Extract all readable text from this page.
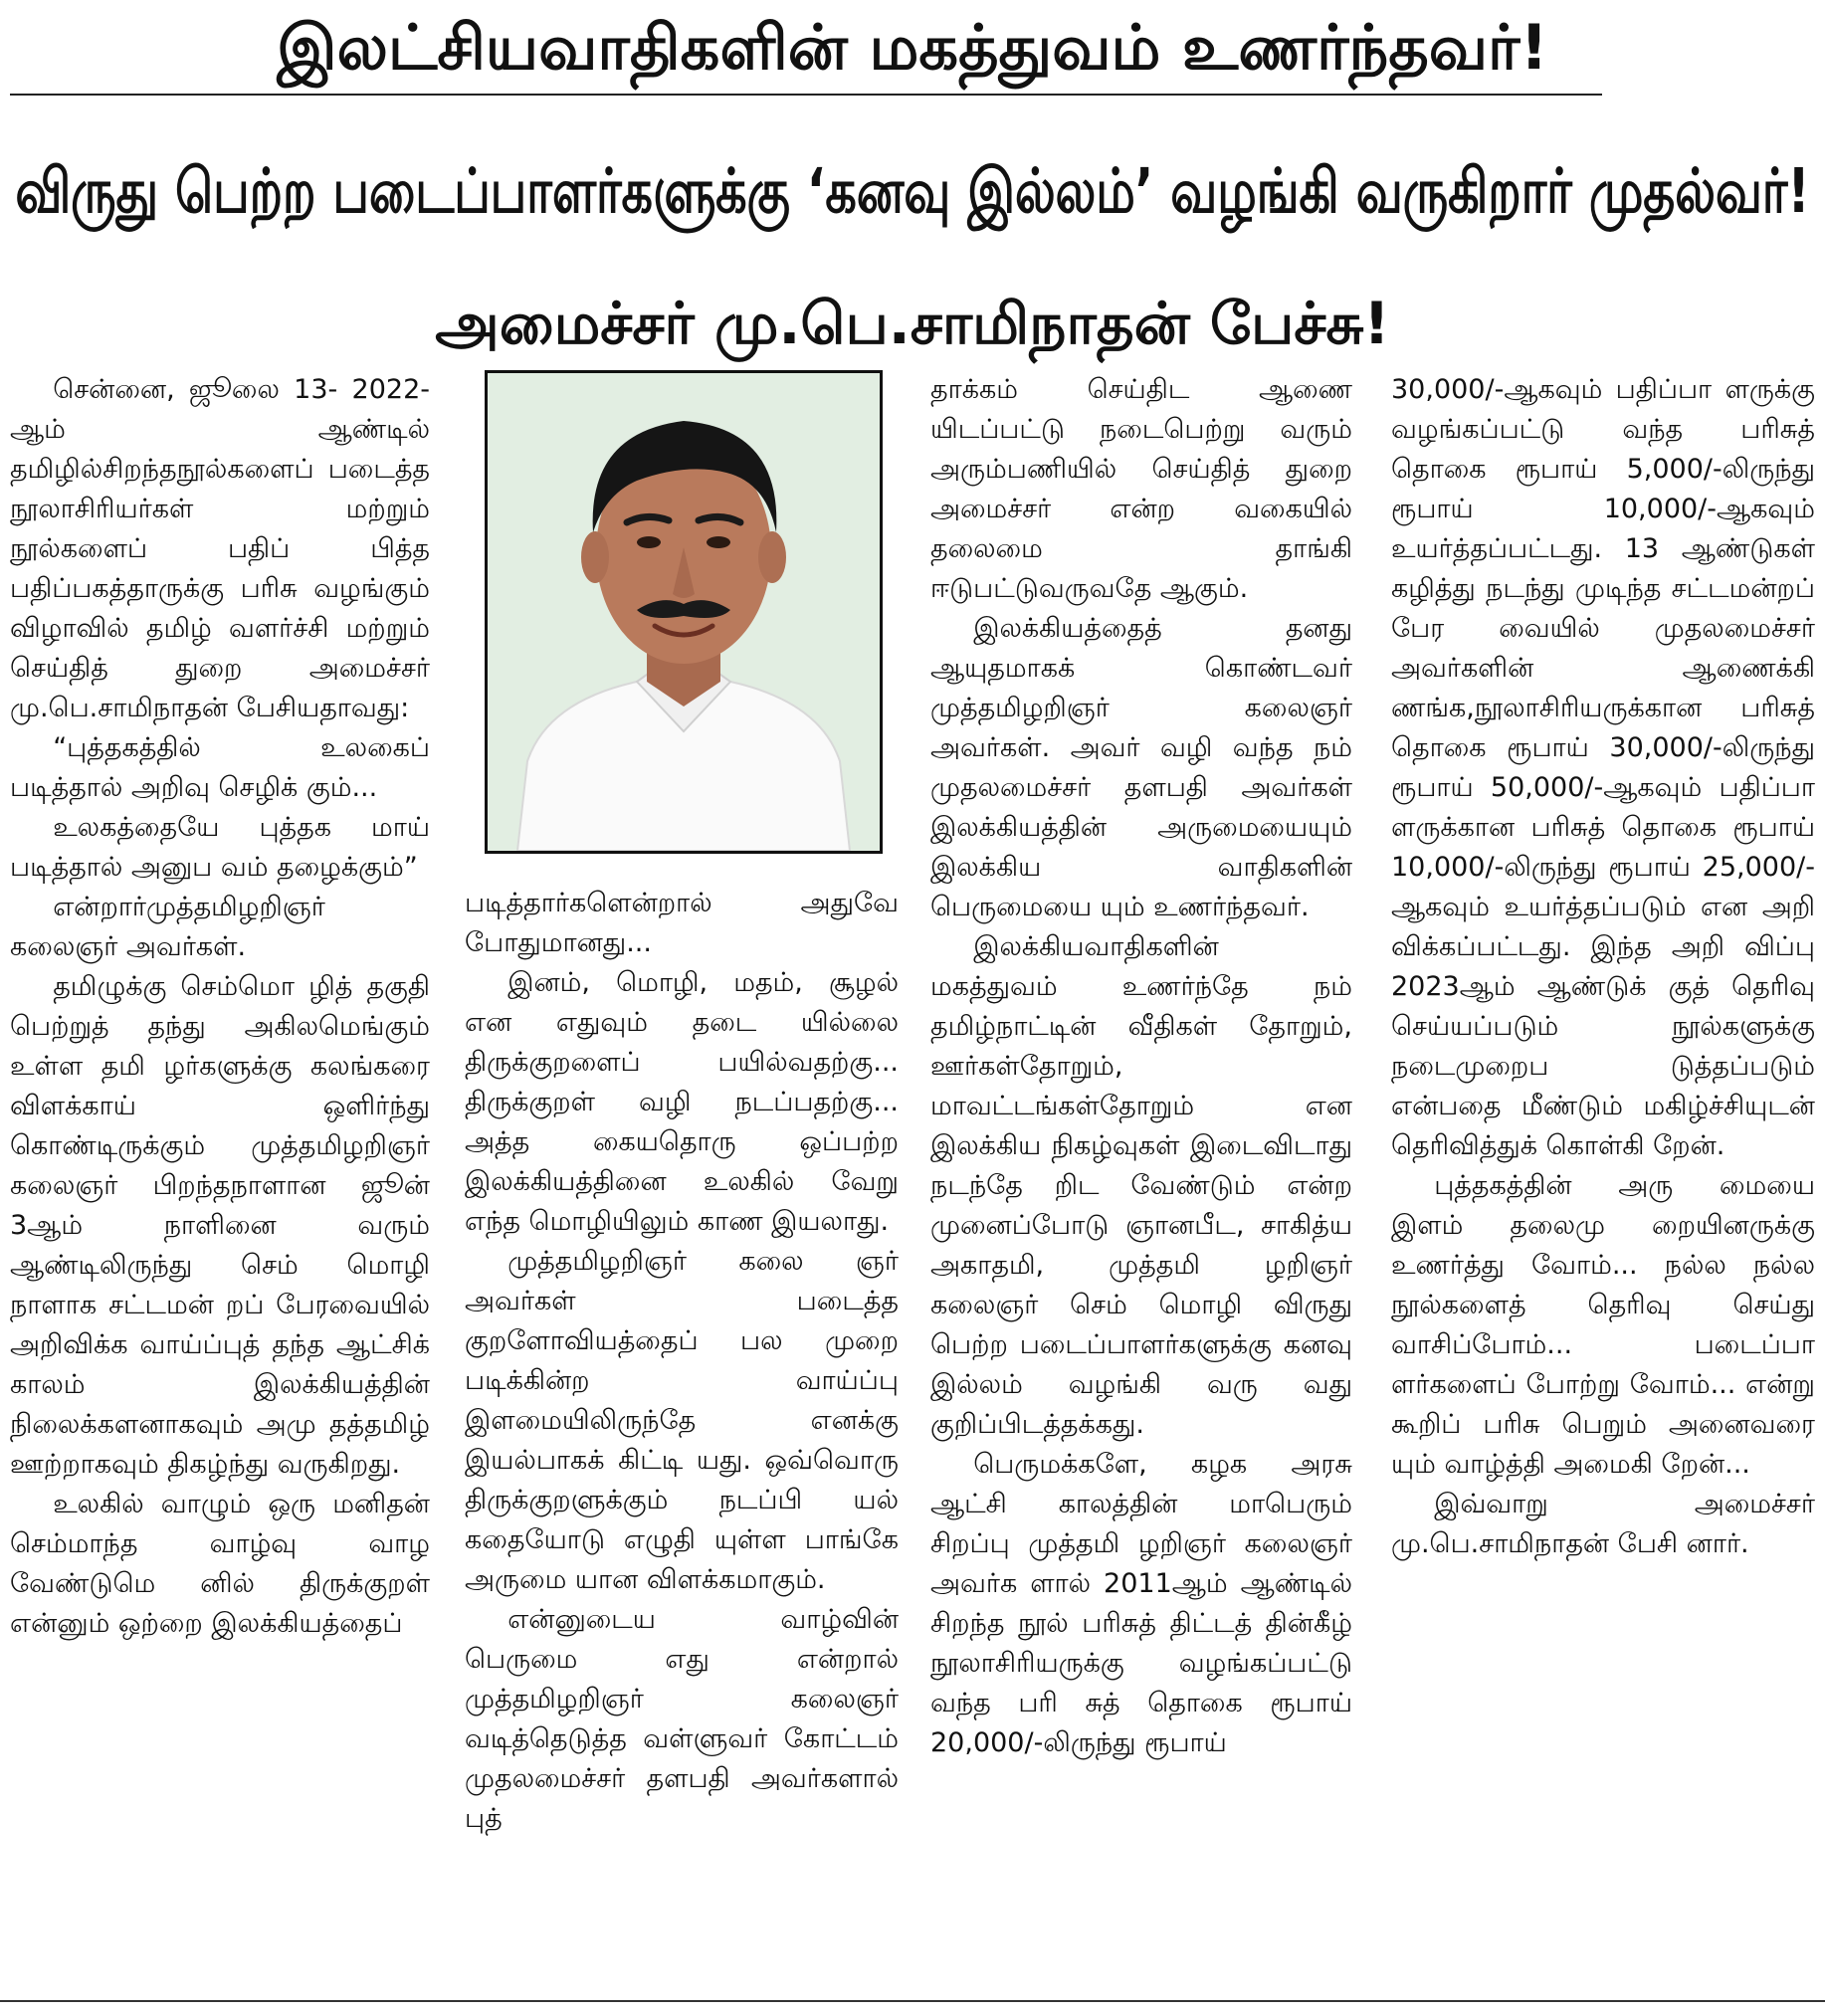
இலட்சியவாதிகளின் மகத்துவம் உணர்ந்தவர்!
விருது பெற்ற படைப்பாளர்களுக்கு ‘கனவு இல்லம்’ வழங்கி வருகிறார் முதல்வர்!
அமைச்சர் மு.பெ.சாமிநாதன் பேச்சு!

சென்னை, ஜூலை 13- 2022-ஆம் ஆண்டில் தமிழில்சிறந்தநூல்களைப் படைத்த நூலாசிரியர்கள் மற்றும் நூல்களைப் பதிப் பித்த பதிப்பகத்தாருக்கு பரிசு வழங்கும் விழாவில் தமிழ் வளர்ச்சி மற்றும் செய்தித் துறை அமைச்சர் மு.பெ.சாமிநாதன் பேசியதாவது:

“புத்தகத்தில் உலகைப் படித்தால் அறிவு செழிக் கும்...

உலகத்தையே புத்தக மாய் படித்தால் அனுப வம் தழைக்கும்”

என்றார்முத்தமிழறிஞர் கலைஞர் அவர்கள்.

தமிழுக்கு செம்மொ ழித் தகுதி பெற்றுத் தந்து அகிலமெங்கும் உள்ள தமி ழர்களுக்கு கலங்கரை விளக்காய் ஒளிர்ந்து கொண்டிருக்கும் முத்தமிழறிஞர் கலைஞர் பிறந்தநாளான ஜூன் 3ஆம் நாளினை வரும் ஆண்டிலிருந்து செம் மொழி நாளாக சட்டமன் றப் பேரவையில் அறிவிக்க வாய்ப்புத் தந்த ஆட்சிக் காலம் இலக்கியத்தின் நிலைக்களனாகவும் அமு தத்தமிழ் ஊற்றாகவும் திகழ்ந்து வருகிறது.

உலகில் வாழும் ஒரு மனிதன் செம்மாந்த வாழ்வு வாழ வேண்டுமெ னில் திருக்குறள் என்னும் ஒற்றை இலக்கியத்தைப்

படித்தார்களென்றால் அதுவே போதுமானது...

இனம், மொழி, மதம், சூழல் என எதுவும் தடை யில்லை திருக்குறளைப் பயில்வதற்கு... திருக்குறள் வழி நடப்பதற்கு... அத்த கையதொரு ஒப்பற்ற இலக்கியத்தினை உலகில் வேறு எந்த மொழியிலும் காண இயலாது.

முத்தமிழறிஞர் கலை ஞர் அவர்கள் படைத்த குறளோவியத்தைப் பல முறை படிக்கின்ற வாய்ப்பு இளமையிலிருந்தே எனக்கு இயல்பாகக் கிட்டி யது. ஒவ்வொரு திருக்குறளுக்கும் நடப்பி யல் கதையோடு எழுதி யுள்ள பாங்கே அருமை யான விளக்கமாகும்.

என்னுடைய வாழ்வின் பெருமை எது என்றால் முத்தமிழறிஞர் கலைஞர் வடித்தெடுத்த வள்ளுவர் கோட்டம் முதலமைச்சர் தளபதி அவர்களால் புத்

தாக்கம் செய்திட ஆணை யிடப்பட்டு நடைபெற்று வரும் அரும்பணியில் செய்தித் துறை அமைச்சர் என்ற வகையில் தலைமை தாங்கி ஈடுபட்டுவருவதே ஆகும்.

இலக்கியத்தைத் தனது ஆயுதமாகக் கொண்டவர் முத்தமிழறிஞர் கலைஞர் அவர்கள். அவர் வழி வந்த நம் முதலமைச்சர் தளபதி அவர்கள் இலக்கியத்தின் அருமையையும் இலக்கிய வாதிகளின் பெருமையை யும் உணர்ந்தவர்.

இலக்கியவாதிகளின் மகத்துவம் உணர்ந்தே நம் தமிழ்நாட்டின் வீதிகள் தோறும், ஊர்கள்தோறும், மாவட்டங்கள்தோறும் என இலக்கிய நிகழ்வுகள் இடைவிடாது நடந்தே றிட வேண்டும் என்ற முனைப்போடு ஞானபீட, சாகித்ய அகாதமி, முத்தமி ழறிஞர் கலைஞர் செம் மொழி விருது பெற்ற படைப்பாளர்களுக்கு கனவு இல்லம் வழங்கி வரு வது குறிப்பிடத்தக்கது.

பெருமக்களே, கழக அரசு ஆட்சி காலத்தின் மாபெரும் சிறப்பு முத்தமி ழறிஞர் கலைஞர் அவர்க ளால் 2011ஆம் ஆண்டில் சிறந்த நூல் பரிசுத் திட்டத் தின்கீழ் நூலாசிரியருக்கு வழங்கப்பட்டு வந்த பரி சுத் தொகை ரூபாய் 20,000/-லிருந்து ரூபாய்

30,000/-ஆகவும் பதிப்பா ளருக்கு வழங்கப்பட்டு வந்த பரிசுத் தொகை ரூபாய் 5,000/-லிருந்து ரூபாய் 10,000/-ஆகவும் உயர்த்தப்பட்டது. 13 ஆண்டுகள் கழித்து நடந்து முடிந்த சட்டமன்றப் பேர வையில் முதலமைச்சர் அவர்களின் ஆணைக்கி ணங்க,நூலாசிரியருக்கான பரிசுத் தொகை ரூபாய் 30,000/-லிருந்து ரூபாய் 50,000/-ஆகவும் பதிப்பா ளருக்கான பரிசுத் தொகை ரூபாய் 10,000/-லிருந்து ரூபாய் 25,000/-ஆகவும் உயர்த்தப்படும் என அறி விக்கப்பட்டது. இந்த அறி விப்பு 2023ஆம் ஆண்டுக் குத் தெரிவு செய்யப்படும் நூல்களுக்கு நடைமுறைப டுத்தப்படும் என்பதை மீண்டும் மகிழ்ச்சியுடன் தெரிவித்துக் கொள்கி றேன்.

புத்தகத்தின் அரு மையை இளம் தலைமு றையினருக்கு உணர்த்து வோம்... நல்ல நல்ல நூல்களைத் தெரிவு செய்து வாசிப்போம்... படைப்பா ளர்களைப் போற்று வோம்... என்று கூறிப் பரிசு பெறும் அனைவரை யும் வாழ்த்தி அமைகி றேன்...

இவ்வாறு அமைச்சர் மு.பெ.சாமிநாதன் பேசி னார்.
